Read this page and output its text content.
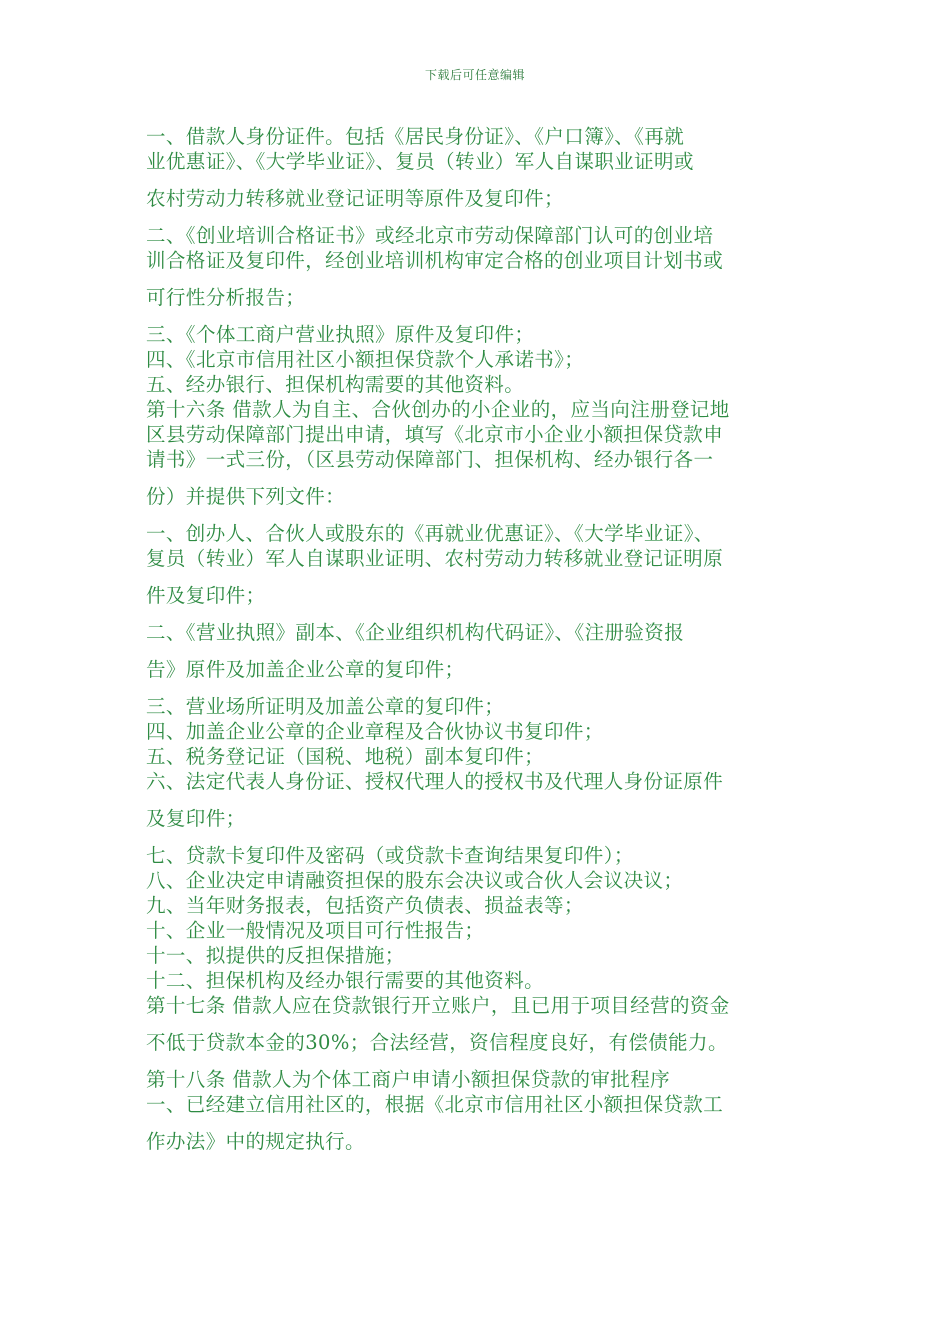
下载后可任意编辑
一、借款人身份证件。包括《居民身份证》、《户口簿》、《再就
业优惠证》、《大学毕业证》、复员（转业）军人自谋职业证明或
农村劳动力转移就业登记证明等原件及复印件；
二、《创业培训合格证书》或经北京市劳动保障部门认可的创业培
训合格证及复印件，经创业培训机构审定合格的创业项目计划书或
可行性分析报告；
三、《个体工商户营业执照》原件及复印件；
四、《北京市信用社区小额担保贷款个人承诺书》；
五、经办银行、担保机构需要的其他资料。
第十六条 借款人为自主、合伙创办的小企业的，应当向注册登记地
区县劳动保障部门提出申请，填写《北京市小企业小额担保贷款申
请书》一式三份，（区县劳动保障部门、担保机构、经办银行各一
份）并提供下列文件：
一、创办人、合伙人或股东的《再就业优惠证》、《大学毕业证》、
复员（转业）军人自谋职业证明、农村劳动力转移就业登记证明原
件及复印件；
二、《营业执照》副本、《企业组织机构代码证》、《注册验资报
告》原件及加盖企业公章的复印件；
三、营业场所证明及加盖公章的复印件；
四、加盖企业公章的企业章程及合伙协议书复印件；
五、税务登记证（国税、地税）副本复印件；
六、法定代表人身份证、授权代理人的授权书及代理人身份证原件
及复印件；
七、贷款卡复印件及密码（或贷款卡查询结果复印件）；
八、企业决定申请融资担保的股东会决议或合伙人会议决议；
九、当年财务报表，包括资产负债表、损益表等；
十、企业一般情况及项目可行性报告；
十一、拟提供的反担保措施；
十二、担保机构及经办银行需要的其他资料。
第十七条 借款人应在贷款银行开立账户，且已用于项目经营的资金
不低于贷款本金的30%；合法经营，资信程度良好，有偿债能力。
第十八条 借款人为个体工商户申请小额担保贷款的审批程序
一、已经建立信用社区的，根据《北京市信用社区小额担保贷款工
作办法》中的规定执行。
